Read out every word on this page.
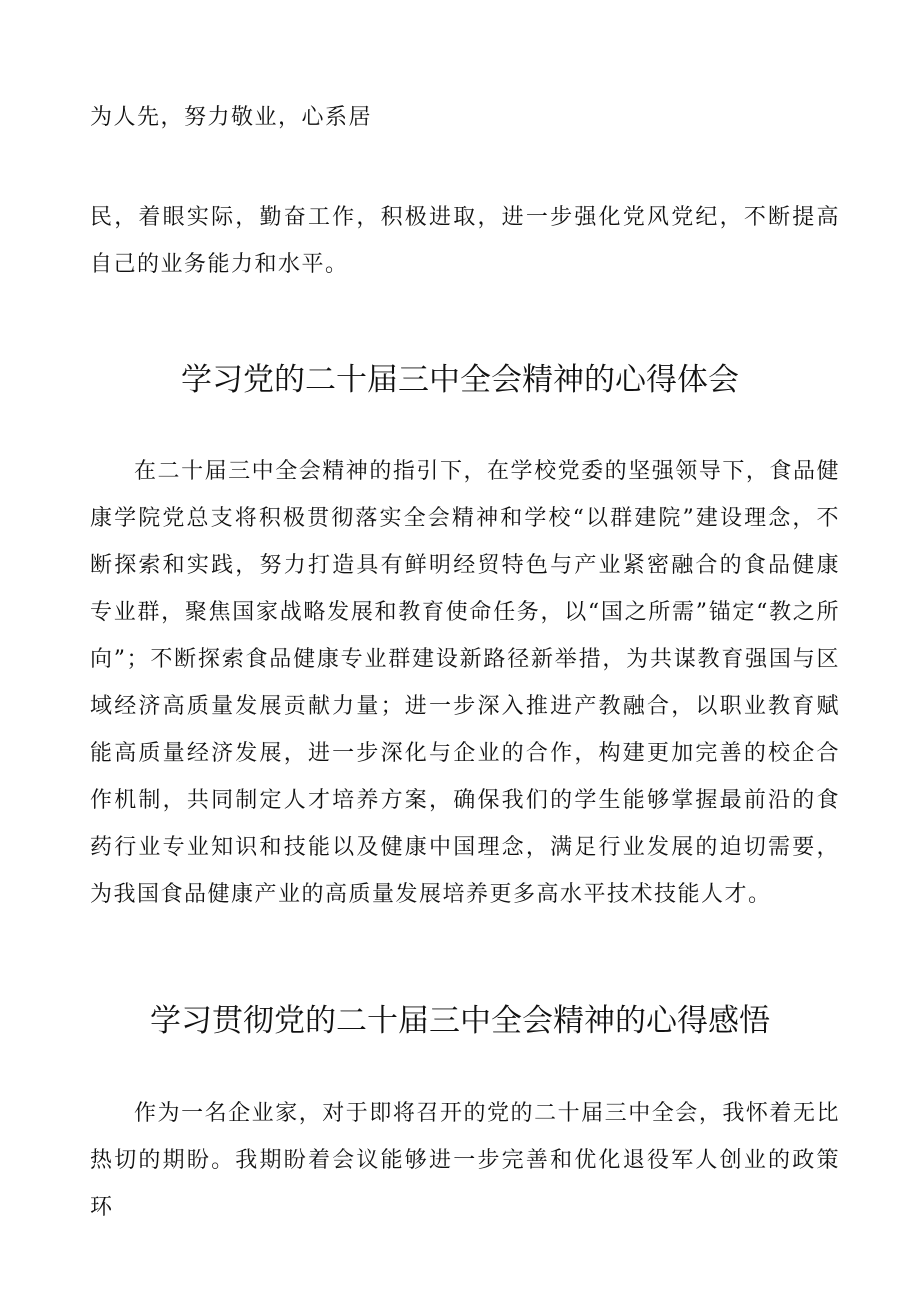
为人先，努力敬业，心系居

民，着眼实际，勤奋工作，积极进取，进一步强化党风党纪，不断提高自己的业务能力和水平。

学习党的二十届三中全会精神的心得体会

在二十届三中全会精神的指引下，在学校党委的坚强领导下，食品健康学院党总支将积极贯彻落实全会精神和学校“以群建院”建设理念，不断探索和实践，努力打造具有鲜明经贸特色与产业紧密融合的食品健康专业群，聚焦国家战略发展和教育使命任务，以“国之所需”锚定“教之所向”；不断探索食品健康专业群建设新路径新举措，为共谋教育强国与区域经济高质量发展贡献力量；进一步深入推进产教融合，以职业教育赋能高质量经济发展，进一步深化与企业的合作，构建更加完善的校企合作机制，共同制定人才培养方案，确保我们的学生能够掌握最前沿的食药行业专业知识和技能以及健康中国理念，满足行业发展的迫切需要，为我国食品健康产业的高质量发展培养更多高水平技术技能人才。

学习贯彻党的二十届三中全会精神的心得感悟

作为一名企业家，对于即将召开的党的二十届三中全会，我怀着无比热切的期盼。我期盼着会议能够进一步完善和优化退役军人创业的政策环
